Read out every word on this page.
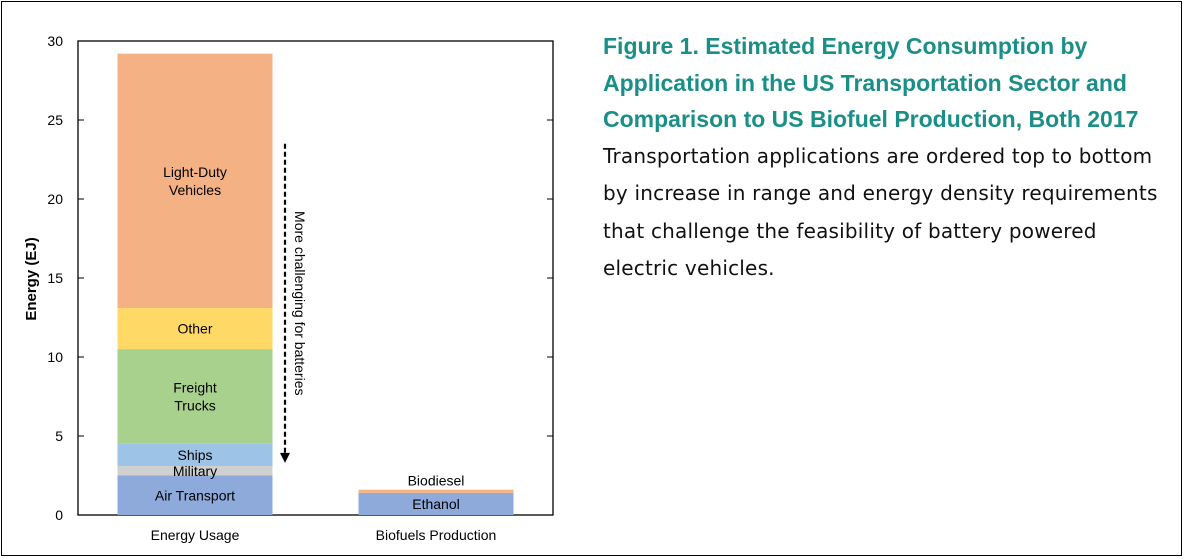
0
5
10
15
20
25
30
Air Transport
Military
Ships
Freight Trucks
Other
Light-Duty Vehicles
Ethanol
Biodiesel
Energy Usage	Biofuels Production
More challenging for batteries
Energy (EJ)
Figure 1. Estimated Energy Consumption by Application in the US Transportation Sector and Comparison to US Biofuel Production, Both 2017
Transportation applications are ordered top to bottom by increase in range and energy density requirements that challenge the feasibility of battery powered electric vehicles.
